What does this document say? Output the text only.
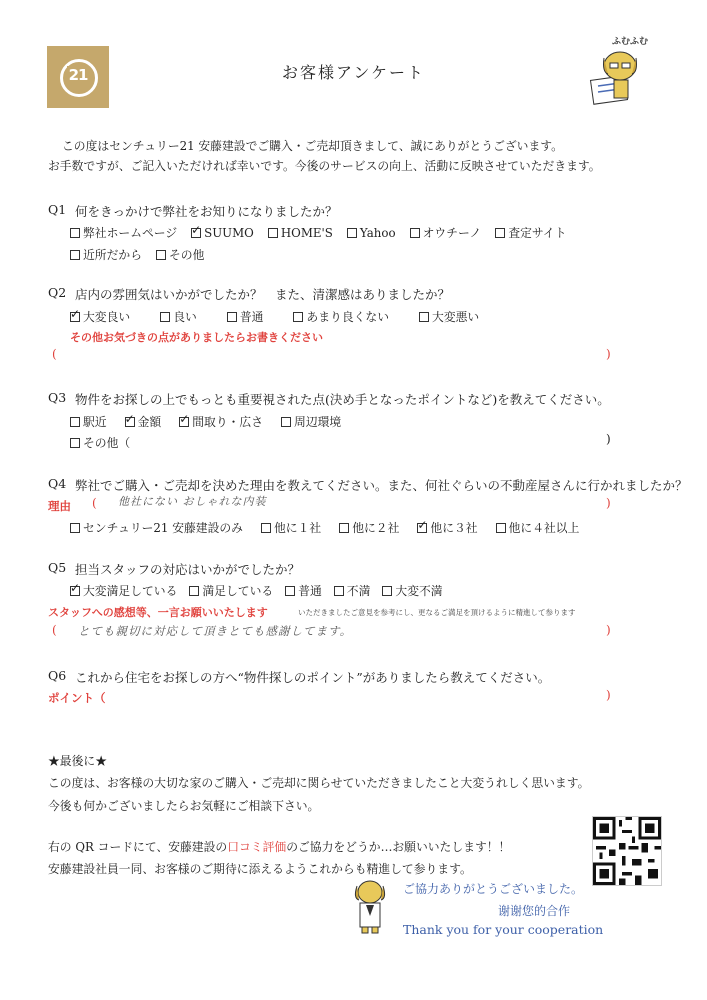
21	お客様アンケート
ふむふむ
この度はセンチュリー21 安藤建設でご購入・ご売却頂きまして、誠にありがとうございます。
お手数ですが、ご記入いただければ幸いです。今後のサービスの向上、活動に反映させていただきます。
Q1 何をきっかけで弊社をお知りになりましたか？
弊社ホームページ ✓ SUUMO HOME'S Yahoo オウチーノ 査定サイト
近所だから その他
Q2 店内の雰囲気はいかがでしたか？　また、清潔感はありましたか？
✓
大変良い	良い	普通	あまり良くない	大変悪い
その他お気づきの点がありましたらお書きください
(	)
Q3 物件をお探しの上でもっとも重要視された点(決め手となったポイントなど)を教えてください。
駅近 ✓	金額 ✓	間取り・広さ	周辺環境
その他（	)
Q4 弊社でご購入・ご売却を決めた理由を教えてください。また、何社ぐらいの不動産屋さんに行かれましたか？
理由 ( 他社にない おしゃれな内装	)
センチュリー21 安藤建設のみ	他に１社	他に２社 ✓	他に３社	他に４社以上
Q5 担当スタッフの対応はいかがでしたか？
✓
大変満足している 満足している 普通 不満 大変不満
スタッフへの感想等、一言お願いいたします	いただきましたご意見を参考にし、更なるご満足を頂けるように精進して参ります
( とても親切に対応して頂きとても感謝してます。	)
Q6 これから住宅をお探しの方へ“物件探しのポイント”がありましたら教えてください。
ポイント（	)
★最後に★
この度は、お客様の大切な家のご購入・ご売却に関らせていただきましたこと大変うれしく思います。
今後も何かございましたらお気軽にご相談下さい。
右の QR コードにて、安藤建設の口コミ評価のご協力をどうか…お願いいたします！！
安藤建設社員一同、お客様のご期待に添えるようこれからも精進して参ります。
ご協力ありがとうございました。
谢谢您的合作
Thank you for your cooperation
